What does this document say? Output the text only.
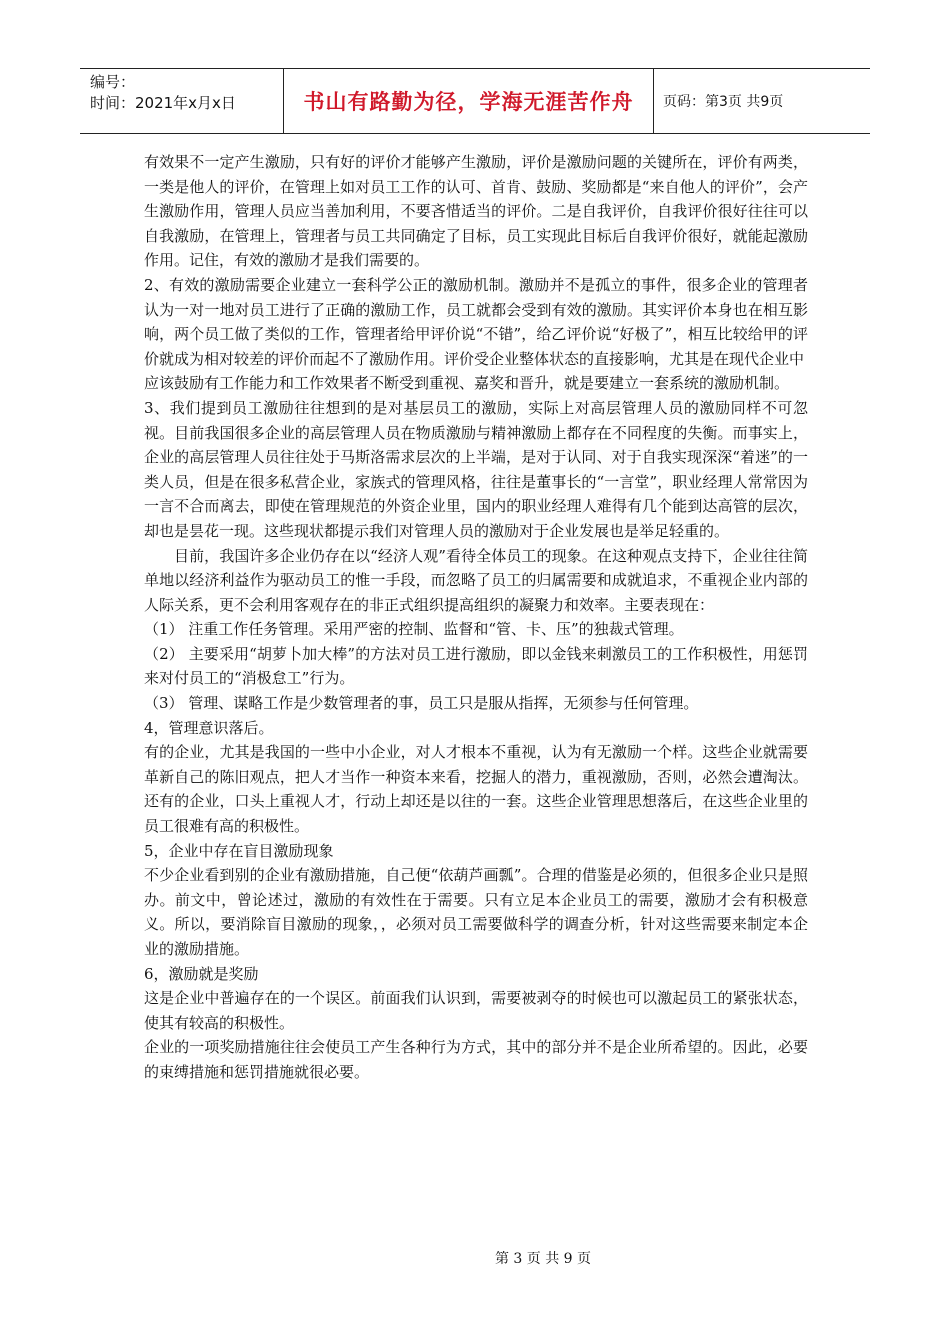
编号：
时间：2021年x月x日	书山有路勤为径，学海无涯苦作舟 页码：第3页 共9页

有效果不一定产生激励，只有好的评价才能够产生激励，评价是激励问题的关键所在，评价有两类，一类是他人的评价，在管理上如对员工工作的认可、首肯、鼓励、奖励都是“来自他人的评价”，会产生激励作用，管理人员应当善加利用，不要吝惜适当的评价。二是自我评价，自我评价很好往往可以自我激励，在管理上，管理者与员工共同确定了目标，员工实现此目标后自我评价很好，就能起激励作用。记住，有效的激励才是我们需要的。

2、有效的激励需要企业建立一套科学公正的激励机制。激励并不是孤立的事件，很多企业的管理者认为一对一地对员工进行了正确的激励工作，员工就都会受到有效的激励。其实评价本身也在相互影响，两个员工做了类似的工作，管理者给甲评价说“不错”，给乙评价说“好极了”，相互比较给甲的评价就成为相对较差的评价而起不了激励作用。评价受企业整体状态的直接影响，尤其是在现代企业中

应该鼓励有工作能力和工作效果者不断受到重视、嘉奖和晋升，就是要建立一套系统的激励机制。

3、我们提到员工激励往往想到的是对基层员工的激励，实际上对高层管理人员的激励同样不可忽视。目前我国很多企业的高层管理人员在物质激励与精神激励上都存在不同程度的失衡。而事实上，企业的高层管理人员往往处于马斯洛需求层次的上半端，是对于认同、对于自我实现深深“着迷”的一类人员，但是在很多私营企业，家族式的管理风格，往往是董事长的“一言堂”，职业经理人常常因为一言不合而离去，即使在管理规范的外资企业里，国内的职业经理人难得有几个能到达高管的层次，却也是昙花一现。这些现状都提示我们对管理人员的激励对于企业发展也是举足轻重的。

目前，我国许多企业仍存在以“经济人观”看待全体员工的现象。在这种观点支持下，企业往往简单地以经济利益作为驱动员工的惟一手段，而忽略了员工的归属需要和成就追求，不重视企业内部的人际关系，更不会利用客观存在的非正式组织提高组织的凝聚力和效率。主要表现在：

（1） 注重工作任务管理。采用严密的控制、监督和“管、卡、压”的独裁式管理。

（2） 主要采用“胡萝卜加大棒”的方法对员工进行激励，即以金钱来刺激员工的工作积极性，用惩罚来对付员工的“消极怠工”行为。

（3） 管理、谋略工作是少数管理者的事，员工只是服从指挥，无须参与任何管理。

4，管理意识落后。

有的企业，尤其是我国的一些中小企业，对人才根本不重视，认为有无激励一个样。这些企业就需要革新自己的陈旧观点，把人才当作一种资本来看，挖掘人的潜力，重视激励，否则，必然会遭淘汰。还有的企业，口头上重视人才，行动上却还是以往的一套。这些企业管理思想落后，在这些企业里的员工很难有高的积极性。

5，企业中存在盲目激励现象

不少企业看到别的企业有激励措施，自己便“依葫芦画瓢”。合理的借鉴是必须的，但很多企业只是照办。前文中，曾论述过，激励的有效性在于需要。只有立足本企业员工的需要，激励才会有积极意义。所以，要消除盲目激励的现象，，必须对员工需要做科学的调查分析，针对这些需要来制定本企业的激励措施。

6，激励就是奖励

这是企业中普遍存在的一个误区。前面我们认识到，需要被剥夺的时候也可以激起员工的紧张状态，使其有较高的积极性。

企业的一项奖励措施往往会使员工产生各种行为方式，其中的部分并不是企业所希望的。因此，必要的束缚措施和惩罚措施就很必要。

第 3 页 共 9 页
